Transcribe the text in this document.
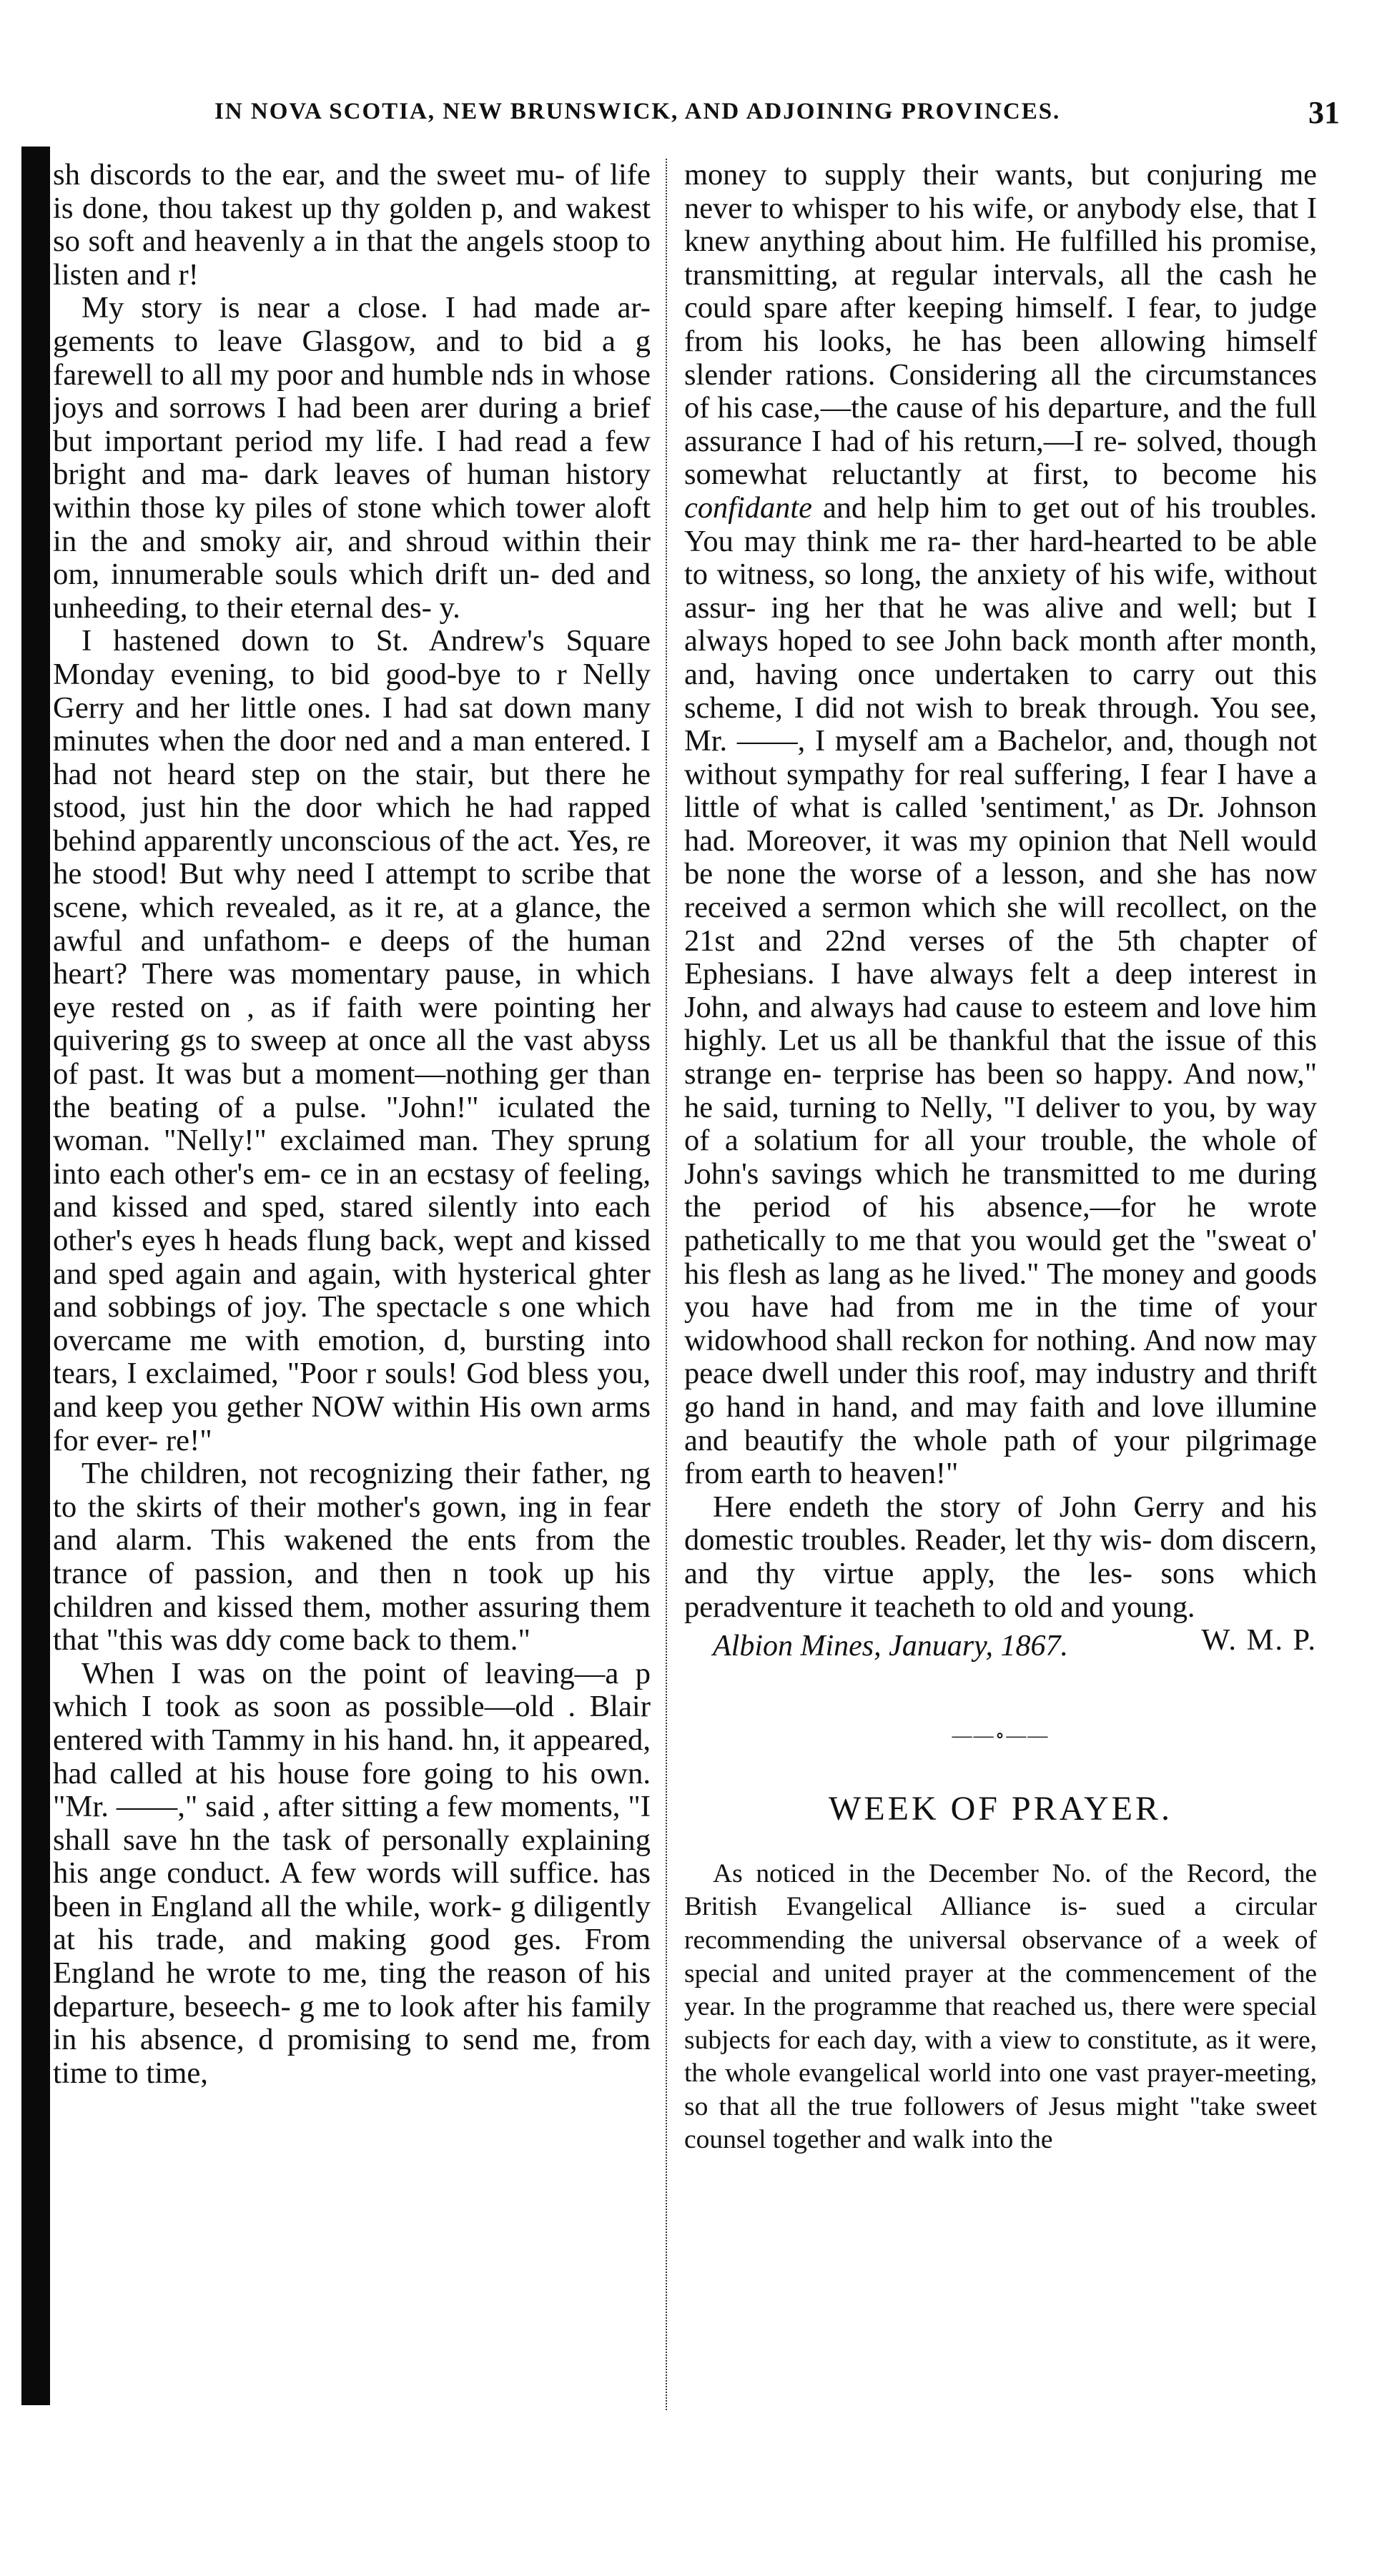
IN NOVA SCOTIA, NEW BRUNSWICK, AND ADJOINING PROVINCES.	31

sh discords to the ear, and the sweet mu- of life is done, thou takest up thy golden p, and wakest so soft and heavenly a in that the angels stoop to listen and r!

My story is near a close. I had made ar- gements to leave Glasgow, and to bid a g farewell to all my poor and humble nds in whose joys and sorrows I had been arer during a brief but important period my life. I had read a few bright and ma- dark leaves of human history within those ky piles of stone which tower aloft in the and smoky air, and shroud within their om, innumerable souls which drift un- ded and unheeding, to their eternal des- y.

I hastened down to St. Andrew's Square Monday evening, to bid good-bye to r Nelly Gerry and her little ones. I had sat down many minutes when the door ned and a man entered. I had not heard step on the stair, but there he stood, just hin the door which he had rapped behind apparently unconscious of the act. Yes, re he stood! But why need I attempt to scribe that scene, which revealed, as it re, at a glance, the awful and unfathom- e deeps of the human heart? There was momentary pause, in which eye rested on , as if faith were pointing her quivering gs to sweep at once all the vast abyss of past. It was but a moment—nothing ger than the beating of a pulse. "John!" iculated the woman. "Nelly!" exclaimed man. They sprung into each other's em- ce in an ecstasy of feeling, and kissed and sped, stared silently into each other's eyes h heads flung back, wept and kissed and sped again and again, with hysterical ghter and sobbings of joy. The spectacle s one which overcame me with emotion, d, bursting into tears, I exclaimed, "Poor r souls! God bless you, and keep you gether NOW within His own arms for ever- re!"

The children, not recognizing their father, ng to the skirts of their mother's gown, ing in fear and alarm. This wakened the ents from the trance of passion, and then n took up his children and kissed them, mother assuring them that "this was ddy come back to them."

When I was on the point of leaving—a p which I took as soon as possible—old . Blair entered with Tammy in his hand. hn, it appeared, had called at his house fore going to his own. "Mr. ——," said , after sitting a few moments, "I shall save hn the task of personally explaining his ange conduct. A few words will suffice. has been in England all the while, work- g diligently at his trade, and making good ges. From England he wrote to me, ting the reason of his departure, beseech- g me to look after his family in his absence, d promising to send me, from time to time,

money to supply their wants, but conjuring me never to whisper to his wife, or anybody else, that I knew anything about him. He fulfilled his promise, transmitting, at regular intervals, all the cash he could spare after keeping himself. I fear, to judge from his looks, he has been allowing himself slender rations. Considering all the circumstances of his case,—the cause of his departure, and the full assurance I had of his return,—I re- solved, though somewhat reluctantly at first, to become his confidante and help him to get out of his troubles. You may think me ra- ther hard-hearted to be able to witness, so long, the anxiety of his wife, without assur- ing her that he was alive and well; but I always hoped to see John back month after month, and, having once undertaken to carry out this scheme, I did not wish to break through. You see, Mr. ——, I myself am a Bachelor, and, though not without sympathy for real suffering, I fear I have a little of what is called 'sentiment,' as Dr. Johnson had. Moreover, it was my opinion that Nell would be none the worse of a lesson, and she has now received a sermon which she will recollect, on the 21st and 22nd verses of the 5th chapter of Ephesians. I have always felt a deep interest in John, and always had cause to esteem and love him highly. Let us all be thankful that the issue of this strange en- terprise has been so happy. And now," he said, turning to Nelly, "I deliver to you, by way of a solatium for all your trouble, the whole of John's savings which he transmitted to me during the period of his absence,—for he wrote pathetically to me that you would get the "sweat o' his flesh as lang as he lived." The money and goods you have had from me in the time of your widowhood shall reckon for nothing. And now may peace dwell under this roof, may industry and thrift go hand in hand, and may faith and love illumine and beautify the whole path of your pilgrimage from earth to heaven!"

Here endeth the story of John Gerry and his domestic troubles. Reader, let thy wis- dom discern, and thy virtue apply, the les- sons which peradventure it teacheth to old and young.
W. M. P.

Albion Mines, January, 1867.

——∘——
WEEK OF PRAYER.

As noticed in the December No. of the Record, the British Evangelical Alliance is- sued a circular recommending the universal observance of a week of special and united prayer at the commencement of the year. In the programme that reached us, there were special subjects for each day, with a view to constitute, as it were, the whole evangelical world into one vast prayer-meeting, so that all the true followers of Jesus might "take sweet counsel together and walk into the
